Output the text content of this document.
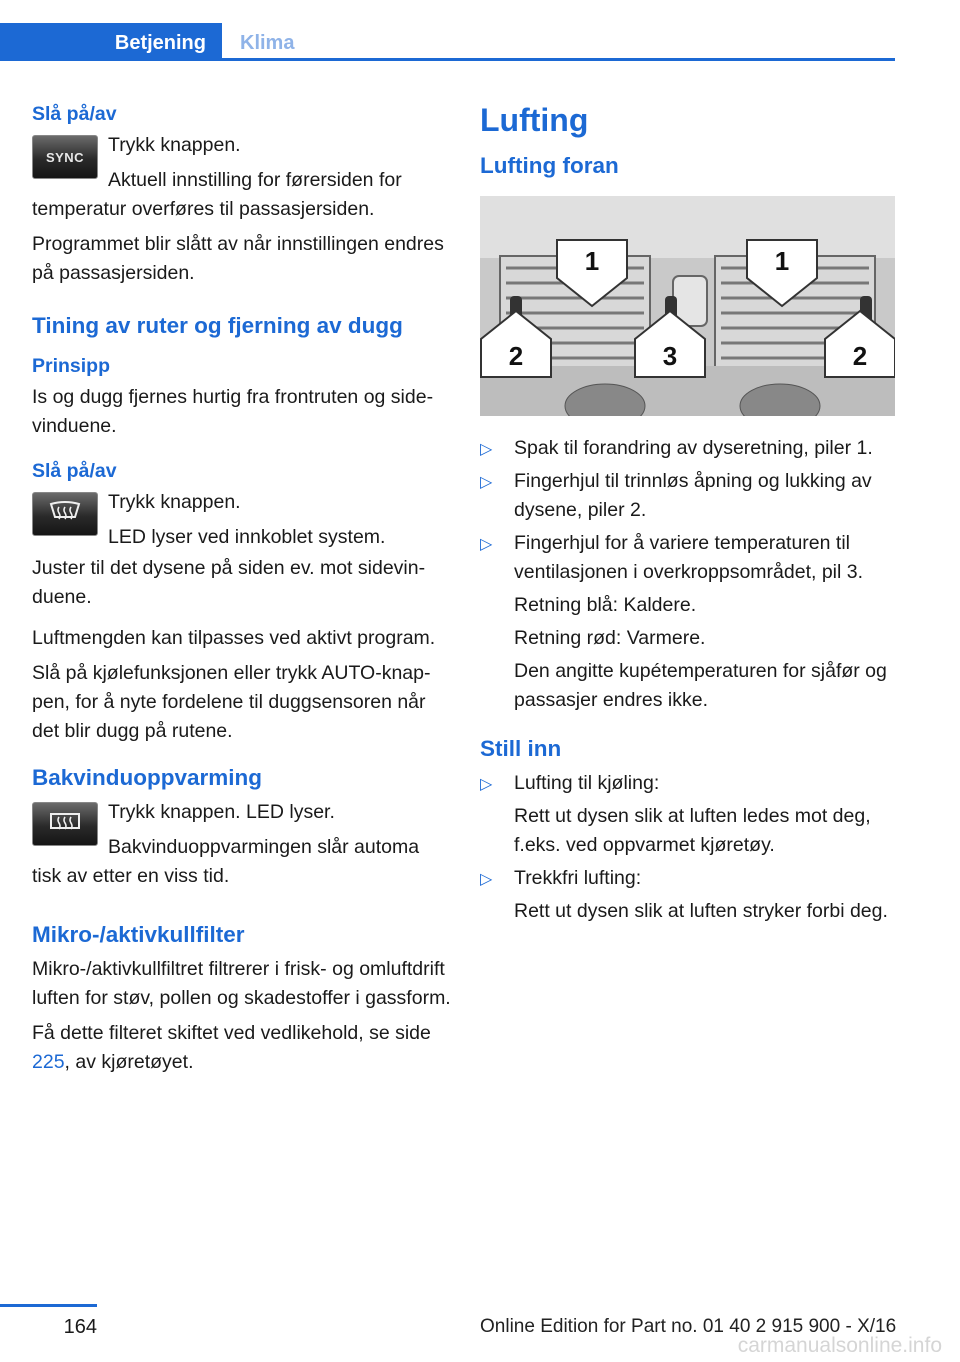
Betjening	Klima
Slå på/av
SYNC
Trykk knappen.
Aktuell innstilling for førersiden for

temperatur overføres til passasjersiden.

Programmet blir slått av når innstillingen endres på passasjersiden.

Tining av ruter og fjerning av dugg
Prinsipp

Is og dugg fjernes hurtig fra frontruten og sidevinduene.

Slå på/av
Trykk knappen.
LED lyser ved innkoblet system.

Juster til det dysene på siden ev. mot sidevinduene.

Luftmengden kan tilpasses ved aktivt program.

Slå på kjølefunksjonen eller trykk AUTO-knappen, for å nyte fordelene til duggsensoren når det blir dugg på rutene.

Bakvinduoppvarming
Trykk knappen. LED lyser.
Bakvinduoppvarmingen slår automa

tisk av etter en viss tid.

Mikro-/aktivkullfilter

Mikro-/aktivkullfiltret filtrerer i frisk- og omluftdrift luften for støv, pollen og skadestoffer i gassform.

Få dette filteret skiftet ved vedlikehold, se side 225, av kjøretøyet.

Lufting
Lufting foran
1	1
2	3	2
▷ Spak til forandring av dyseretning, piler 1.
▷ Fingerhjul til trinnløs åpning og lukking av dysene, piler 2.
▷ Fingerhjul for å variere temperaturen til ventilasjonen i overkroppsområdet, pil 3.
Retning blå: Kaldere.
Retning rød: Varmere.
Den angitte kupétemperaturen for sjåfør og passasjer endres ikke.
Still inn
▷ Lufting til kjøling:
Rett ut dysen slik at luften ledes mot deg, f.eks. ved oppvarmet kjøretøy.
▷ Trekkfri lufting:
Rett ut dysen slik at luften stryker forbi deg.
164	Online Edition for Part no. 01 40 2 915 900 - X/16
carmanualsonline.info
